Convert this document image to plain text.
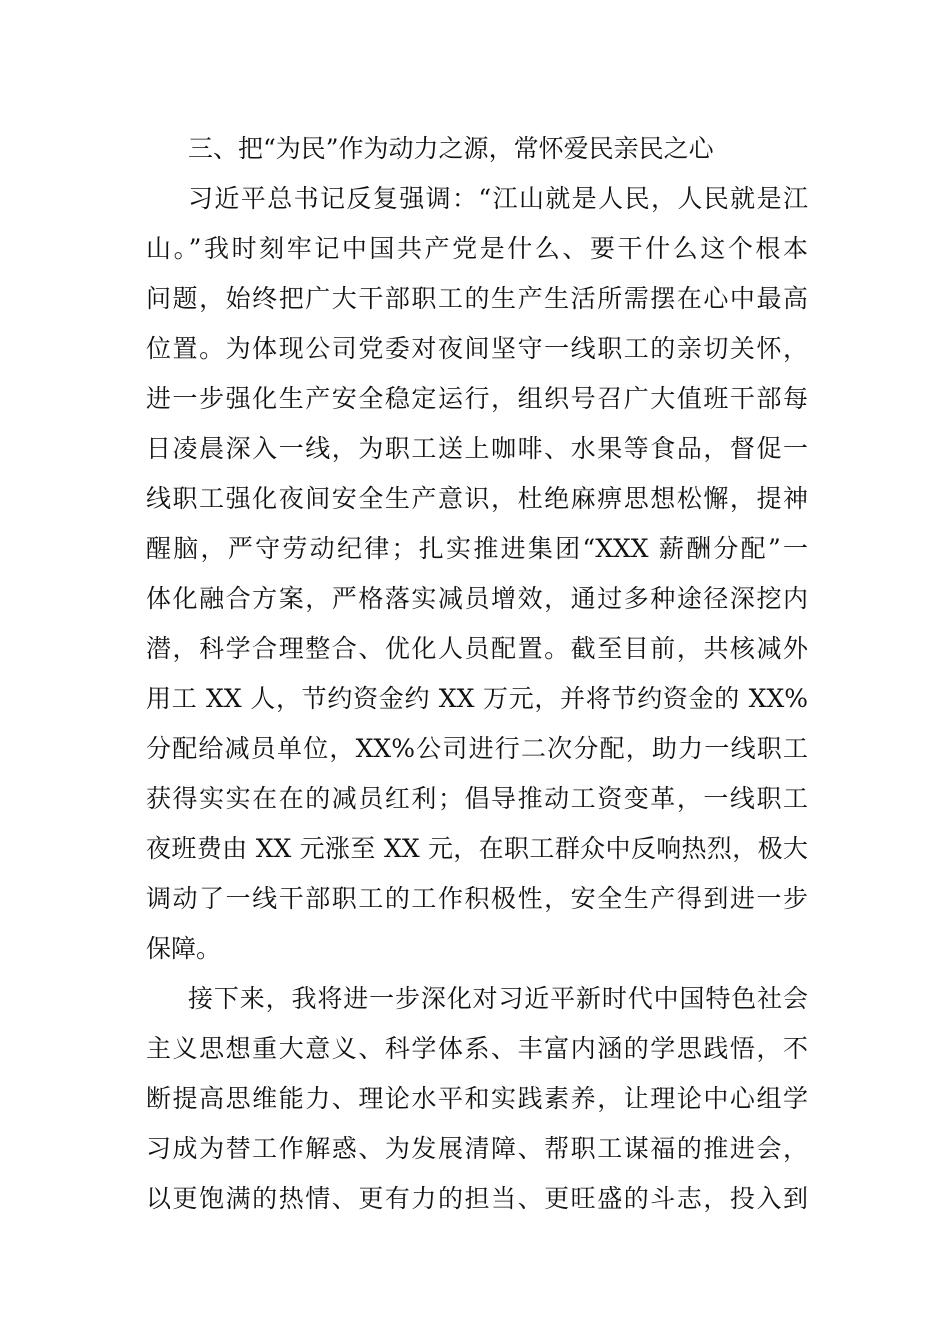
三、把“为民”作为动力之源，常怀爱民亲民之心
习近平总书记反复强调：“江山就是人民，人民就是江
山。”我时刻牢记中国共产党是什么、要干什么这个根本
问题，始终把广大干部职工的生产生活所需摆在心中最高
位置。为体现公司党委对夜间坚守一线职工的亲切关怀，
进一步强化生产安全稳定运行，组织号召广大值班干部每
日凌晨深入一线，为职工送上咖啡、水果等食品，督促一
线职工强化夜间安全生产意识，杜绝麻痹思想松懈，提神
醒脑，严守劳动纪律；扎实推进集团“XXX 薪酬分配”一
体化融合方案，严格落实减员增效，通过多种途径深挖内
潜，科学合理整合、优化人员配置。截至目前，共核减外
用工 XX 人，节约资金约 XX 万元，并将节约资金的 XX%
分配给减员单位，XX%公司进行二次分配，助力一线职工
获得实实在在的减员红利；倡导推动工资变革，一线职工
夜班费由 XX 元涨至 XX 元，在职工群众中反响热烈，极大
调动了一线干部职工的工作积极性，安全生产得到进一步
保障。
接下来，我将进一步深化对习近平新时代中国特色社会
主义思想重大意义、科学体系、丰富内涵的学思践悟，不
断提高思维能力、理论水平和实践素养，让理论中心组学
习成为替工作解惑、为发展清障、帮职工谋福的推进会，
以更饱满的热情、更有力的担当、更旺盛的斗志，投入到
